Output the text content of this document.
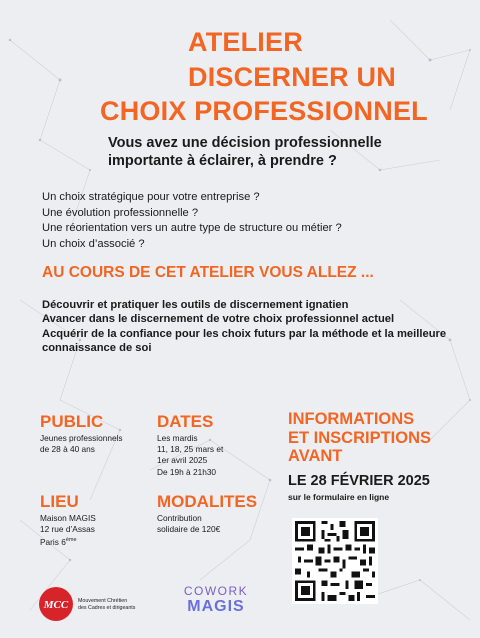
ATELIER
DISCERNER UN
CHOIX PROFESSIONNEL
Vous avez une décision professionnelle
importante à éclairer, à prendre ?
Un choix stratégique pour votre entreprise ?
Une évolution professionnelle ?
Une réorientation vers un autre type de structure ou métier ?
Un choix d’associé ?
AU COURS DE CET ATELIER VOUS ALLEZ ...
Découvrir et pratiquer les outils de discernement ignatien
Avancer dans le discernement de votre choix professionnel actuel
Acquérir de la confiance pour les choix futurs par la méthode et la meilleure connaissance de soi
PUBLIC
Jeunes professionnels
de 28 à 40 ans
DATES
Les mardis
11, 18, 25 mars et
1er avril 2025
De 19h à 21h30
LIEU
Maison MAGIS
12 rue d’Assas
Paris 6ème
MODALITES
Contribution
solidaire de 120€
INFORMATIONS
ET INSCRIPTIONS
AVANT
LE 28 FÉVRIER 2025
sur le formulaire en ligne
MCC Mouvement Chrétien
des Cadres et dirigeants
COWORK
MAGIS
